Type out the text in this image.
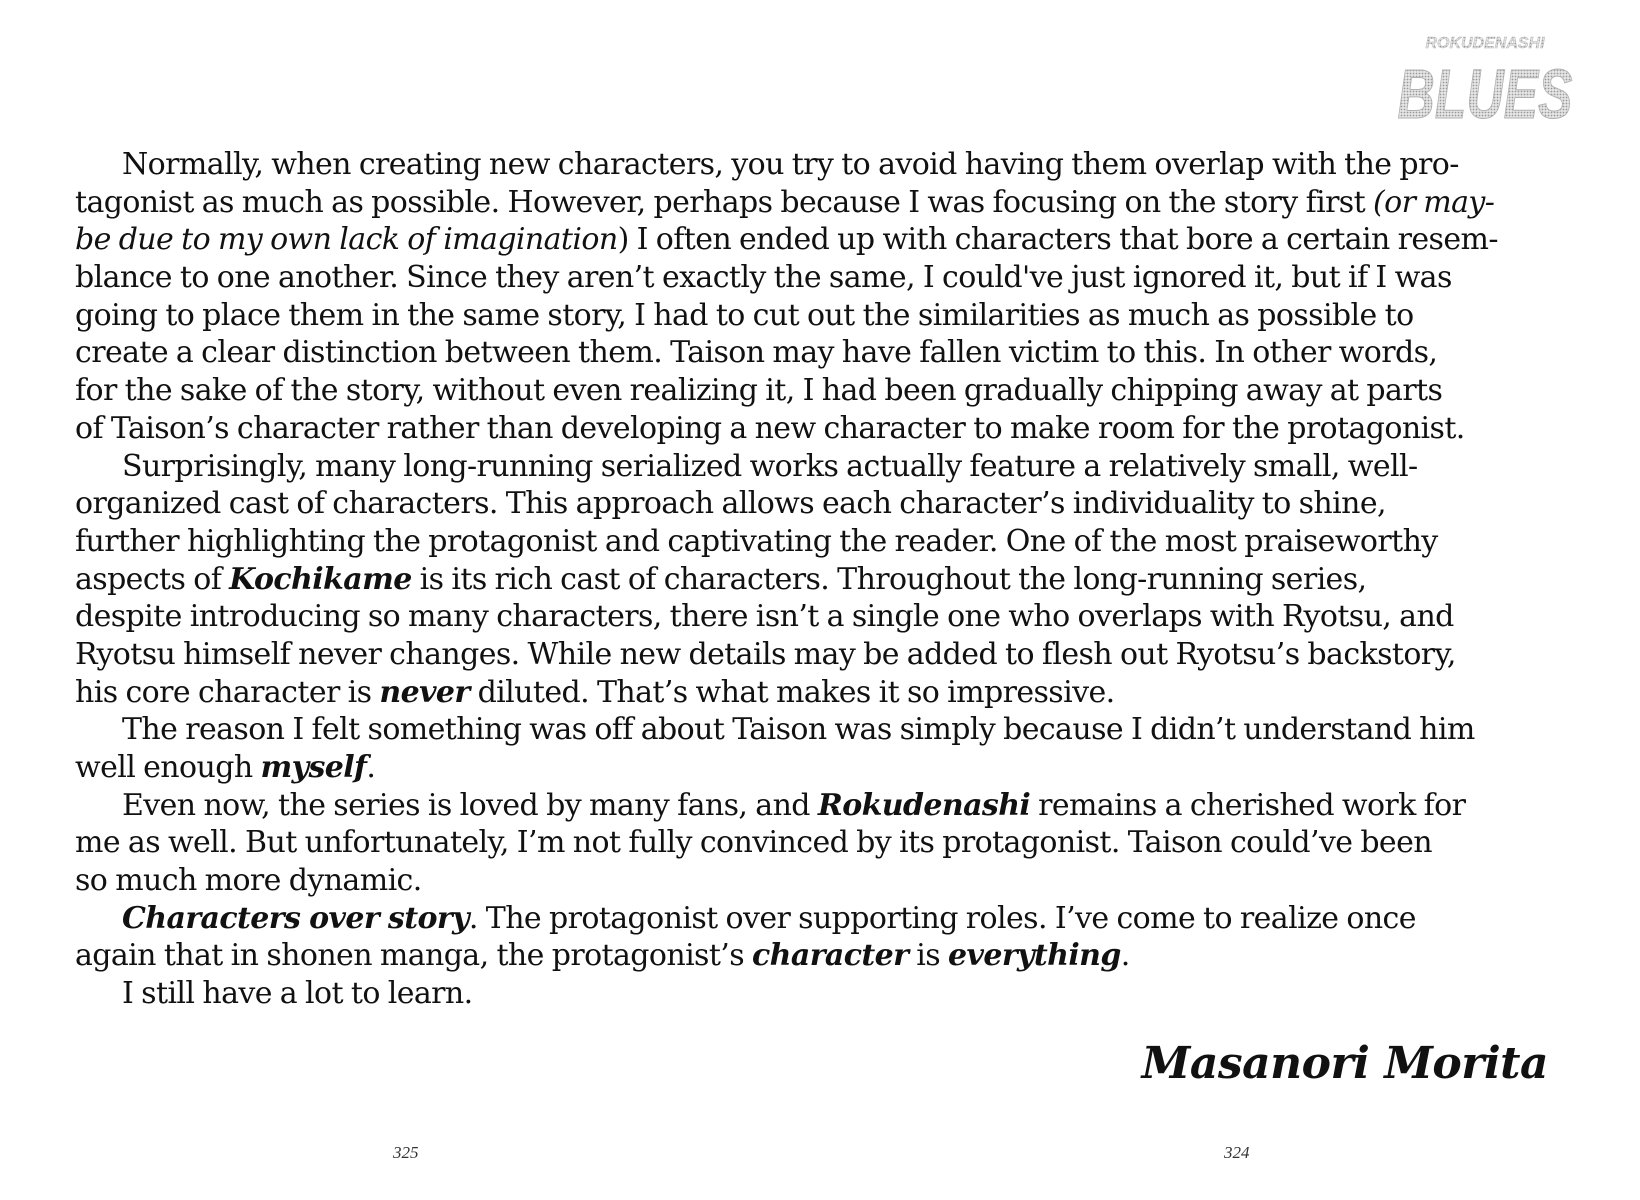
ROKUDENASHI
BLUES
Normally, when creating new characters, you try to avoid having them overlap with the pro-
tagonist as much as possible. However, perhaps because I was focusing on the story first (or may-
be due to my own lack of imagination) I often ended up with characters that bore a certain resem-
blance to one another. Since they aren’t exactly the same, I could've just ignored it, but if I was
going to place them in the same story, I had to cut out the similarities as much as possible to
create a clear distinction between them. Taison may have fallen victim to this. In other words,
for the sake of the story, without even realizing it, I had been gradually chipping away at parts
of Taison’s character rather than developing a new character to make room for the protagonist.
Surprisingly, many long-running serialized works actually feature a relatively small, well-
organized cast of characters. This approach allows each character’s individuality to shine,
further highlighting the protagonist and captivating the reader. One of the most praiseworthy
aspects of Kochikame is its rich cast of characters. Throughout the long-running series,
despite introducing so many characters, there isn’t a single one who overlaps with Ryotsu, and
Ryotsu himself never changes. While new details may be added to flesh out Ryotsu’s backstory,
his core character is never diluted. That’s what makes it so impressive.
The reason I felt something was off about Taison was simply because I didn’t understand him
well enough myself.
Even now, the series is loved by many fans, and Rokudenashi remains a cherished work for
me as well. But unfortunately, I’m not fully convinced by its protagonist. Taison could’ve been
so much more dynamic.
Characters over story. The protagonist over supporting roles. I’ve come to realize once
again that in shonen manga, the protagonist’s character is everything.
I still have a lot to learn.
Masanori Morita
325	324
